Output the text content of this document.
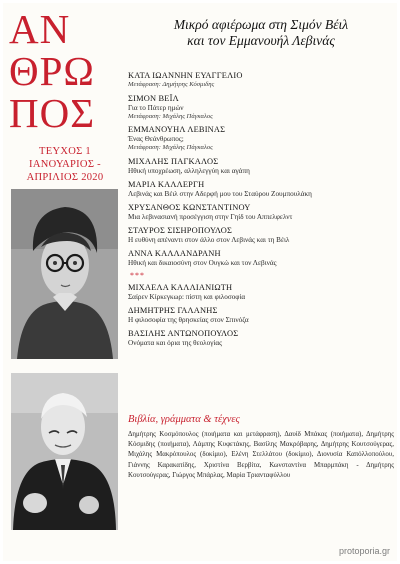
ΑΝ
ΘΡΩ
ΠΟΣ
ΤΕΥΧΟΣ 1
ΙΑΝΟΥΑΡΙΟΣ -
ΑΠΡΙΛΙΟΣ 2020
Μικρό αφιέρωμα στη Σιμόν Βέιλ
και τον Εμμανουήλ Λεβινάς
ΚΑΤΑ ΙΩΑΝΝΗΝ ΕΥΑΓΓΕΛΙΟ
Μετάφραση: Δημήτρης Κόσμιδης
ΣΙΜΟΝ ΒΕΪΛ
Για το Πάτερ ημών
Μετάφραση: Μιχάλης Πάγκαλος
ΕΜΜΑΝΟΥΗΛ ΛΕΒΙΝΑΣ
Ένας Θεάνθρωπος;
Μετάφραση: Μιχάλης Πάγκαλος
ΜΙΧΑΛΗΣ ΠΑΓΚΑΛΟΣ
Ηθική υποχρέωση, αλληλεγγύη και αγάπη
ΜΑΡΙΑ ΚΑΛΛΕΡΓΗ
Λεβινάς και Βέιλ στην Αδερφή μου του Σταύρου Ζουμπουλάκη
ΧΡΥΣΑΝΘΟΣ ΚΩΝΣΤΑΝΤΙΝΟΥ
Μια λεβινασιανή προσέγγιση στην Γηίδ του Αππελφελντ
ΣΤΑΥΡΟΣ ΣΙΣΗΡΟΠΟΥΛΟΣ
Η ευθύνη απέναντι στον άλλο στον Λεβινάς και τη Βέιλ
ΑΝΝΑ ΚΑΛΛΑΝΔΡΑΝΗ
Ηθική και δικαιοσύνη στον Ουγκώ και τον Λεβινάς
***
ΜΙΧΑΕΛΑ ΚΑΛΛΙΑΝΙΩΤΗ
Σαίρεν Κίρκεγκωρ: πίστη και φιλοσοφία
ΔΗΜΗΤΡΗΣ ΓΑΛΑΝΗΣ
Η φιλοσοφία της θρησκείας στον Σπινόζα
ΒΑΣΙΛΗΣ ΑΝΤΩΝΟΠΟΥΛΟΣ
Ονόματα και όρια της θεολογίας
Βιβλία, γράμματα & τέχνες
Δημήτρης Κοσμόπουλος (ποιήματα και μετάφραση), Δαυίδ Μπάκας (ποιήματα), Δημήτρης Κόσμιδης (ποιήματα), Λάμπης Κυφετάκης, Βασίλης Μακρόβαρης, Δημήτρης Κουτσούγερας, Μιχάλης Μακρόπουλος (δοκίμιο), Ελένη Στελλάτου (δοκίμιο), Διονυσία Καπόλλοπούλου, Γιάννης Καρακατίδης, Χριστίνα Βερβίτα, Κωνσταντίνα Μπαρμπάκη - Δημήτρης Κουτσούγερας, Γιώργος Μπάρλας, Μαρία Τριανταφύλλου
protoporia.gr
